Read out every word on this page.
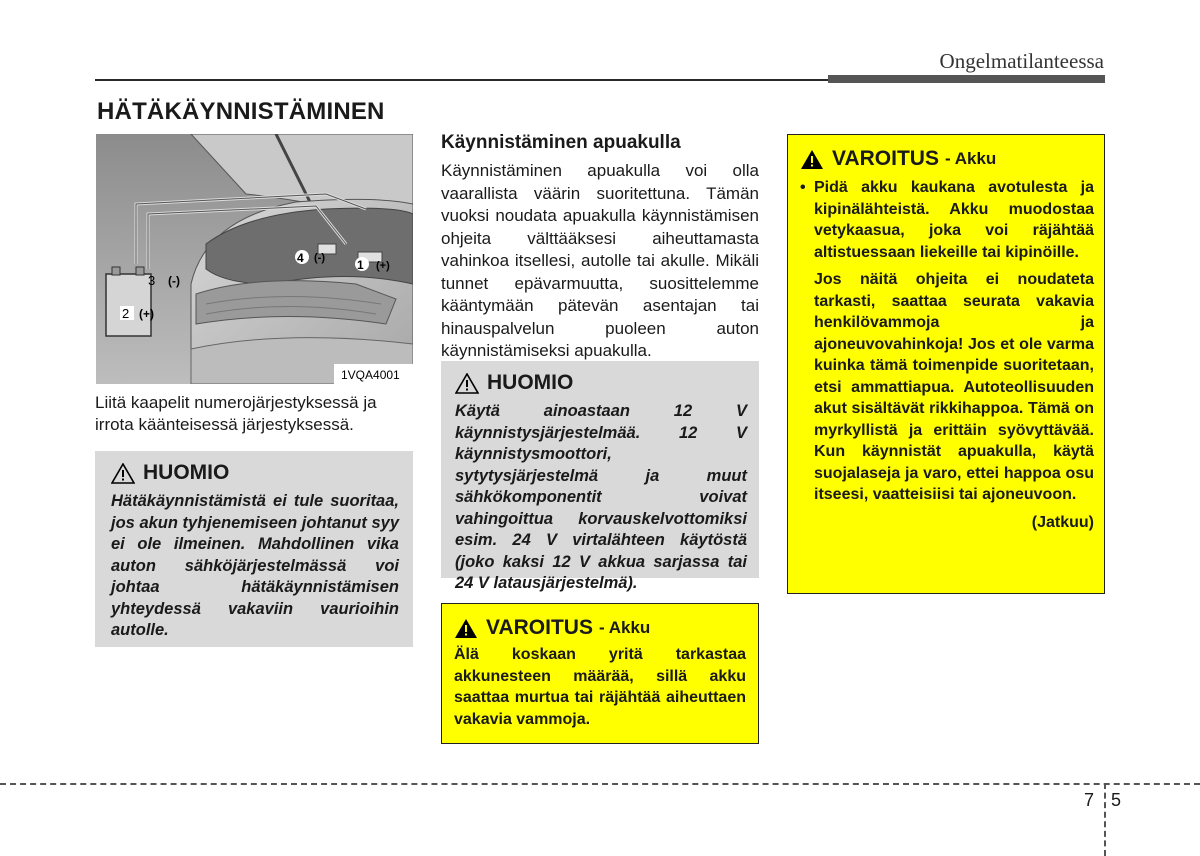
Ongelmatilanteessa
HÄTÄKÄYNNISTÄMINEN
3 (-)
2 (+)
4 (-)	1 (+)
1VQA4001
Liitä kaapelit numerojärjestyksessä ja irrota käänteisessä järjestyksessä.
HUOMIO
Hätäkäynnistämistä ei tule suoritaa, jos akun tyhjenemiseen johtanut syy ei ole ilmeinen. Mahdollinen vika auton sähköjärjestelmässä voi johtaa hätäkäynnistämisen yhteydessä vakaviin vaurioihin autolle.
Käynnistäminen apuakulla
Käynnistäminen apuakulla voi olla vaarallista väärin suoritettuna. Tämän vuoksi noudata apuakulla käynnistämisen ohjeita välttääksesi aiheuttamasta vahinkoa itsellesi, autolle tai akulle. Mikäli tunnet epävarmuutta, suosittelemme kääntymään pätevän asentajan tai hinauspalvelun puoleen auton käynnistämiseksi apuakulla.
HUOMIO
Käytä ainoastaan 12 V käynnistysjärjestelmää. 12 V käynnistysmoottori, sytytysjärjestelmä ja muut sähkökomponentit voivat vahingoittua korvauskelvottomiksi esim. 24 V virtalähteen käytöstä (joko kaksi 12 V akkua sarjassa tai 24 V latausjärjestelmä).
VAROITUS - Akku
Älä koskaan yritä tarkastaa akkunesteen määrää, sillä akku saattaa murtua tai räjähtää aiheuttaen vakavia vammoja.
VAROITUS - Akku
• Pidä akku kaukana avotulesta ja kipinälähteistä. Akku muodostaa vetykaasua, joka voi räjähtää altistuessaan liekeille tai kipinöille.
Jos näitä ohjeita ei noudateta tarkasti, saattaa seurata vakavia henkilövammoja ja ajoneuvovahinkoja! Jos et ole varma kuinka tämä toimenpide suoritetaan, etsi ammattiapua. Autoteollisuuden akut sisältävät rikkihappoa. Tämä on myrkyllistä ja erittäin syövyttävää. Kun käynnistät apuakulla, käytä suojalaseja ja varo, ettei happoa osu itseesi, vaatteisiisi tai ajoneuvoon.
(Jatkuu)
7 5
